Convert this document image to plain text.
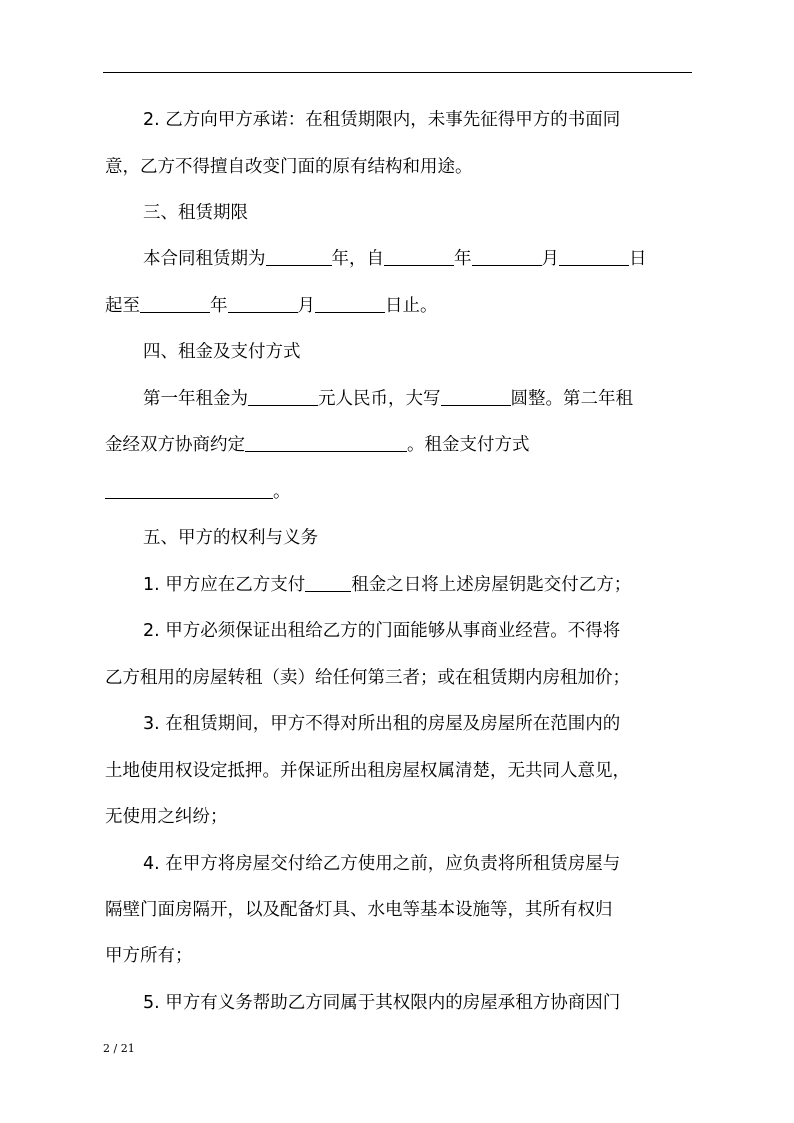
2. 乙方向甲方承诺：在租赁期限内，未事先征得甲方的书面同
意，乙方不得擅自改变门面的原有结构和用途。
三、租赁期限
本合同租赁期为	年，自	年	月	日
起至	年	月	日止。
四、租金及支付方式
第一年租金为	元人民币，大写	圆整。第二年租
金经双方协商约定	。租金支付方式
。
五、甲方的权利与义务
1. 甲方应在乙方支付	租金之日将上述房屋钥匙交付乙方；
2. 甲方必须保证出租给乙方的门面能够从事商业经营。不得将
乙方租用的房屋转租（卖）给任何第三者；或在租赁期内房租加价；
3. 在租赁期间，甲方不得对所出租的房屋及房屋所在范围内的
土地使用权设定抵押。并保证所出租房屋权属清楚，无共同人意见，
无使用之纠纷；
4. 在甲方将房屋交付给乙方使用之前，应负责将所租赁房屋与
隔壁门面房隔开，以及配备灯具、水电等基本设施等，其所有权归
甲方所有；
5. 甲方有义务帮助乙方同属于其权限内的房屋承租方协商因门
2 / 21
